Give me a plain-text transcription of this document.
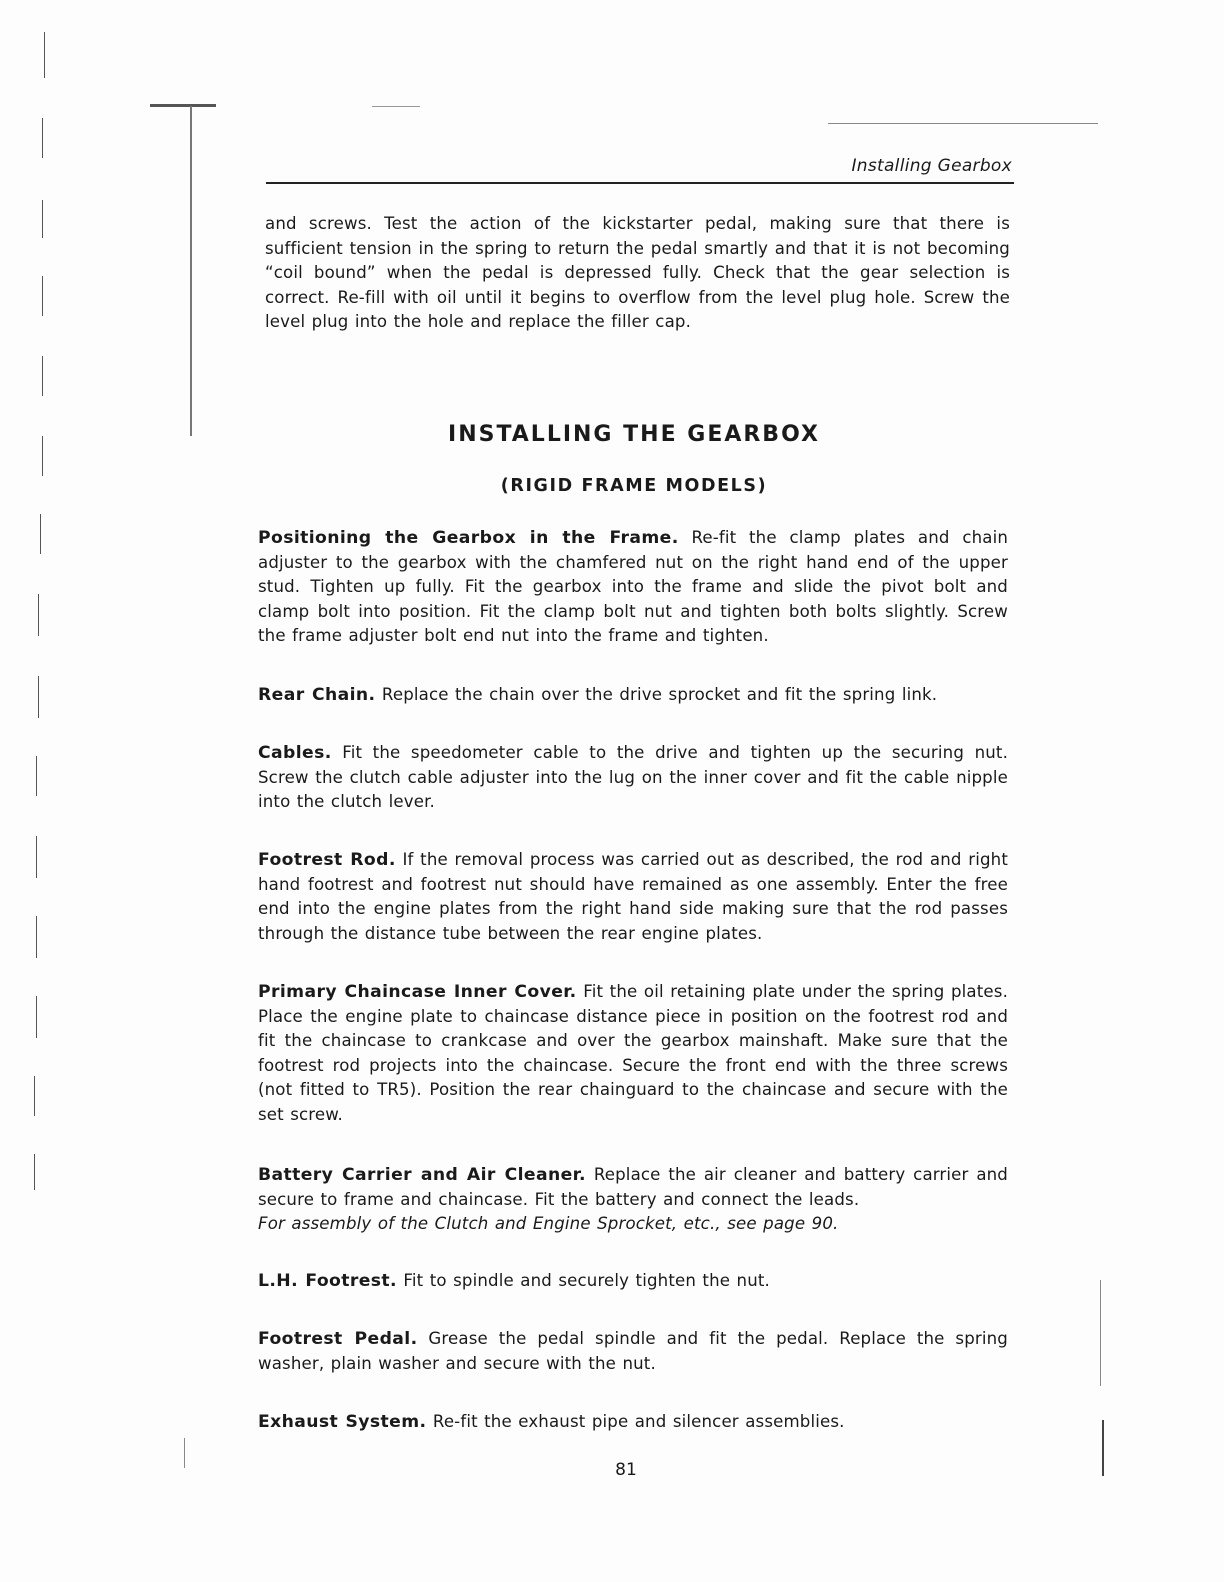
Installing Gearbox

and screws. Test the action of the kickstarter pedal, making sure that there is sufficient tension in the spring to return the pedal smartly and that it is not becoming “coil bound” when the pedal is depressed fully. Check that the gear selection is correct. Re-fill with oil until it begins to overflow from the level plug hole. Screw the level plug into the hole and replace the filler cap.

INSTALLING THE GEARBOX
(RIGID FRAME MODELS)

Positioning the Gearbox in the Frame. Re-fit the clamp plates and chain adjuster to the gearbox with the chamfered nut on the right hand end of the upper stud. Tighten up fully. Fit the gearbox into the frame and slide the pivot bolt and clamp bolt into position. Fit the clamp bolt nut and tighten both bolts slightly. Screw the frame adjuster bolt end nut into the frame and tighten.

Rear Chain. Replace the chain over the drive sprocket and fit the spring link.

Cables. Fit the speedometer cable to the drive and tighten up the securing nut. Screw the clutch cable adjuster into the lug on the inner cover and fit the cable nipple into the clutch lever.

Footrest Rod. If the removal process was carried out as described, the rod and right hand footrest and footrest nut should have remained as one assembly. Enter the free end into the engine plates from the right hand side making sure that the rod passes through the distance tube between the rear engine plates.

Primary Chaincase Inner Cover. Fit the oil retaining plate under the spring plates. Place the engine plate to chaincase distance piece in position on the footrest rod and fit the chaincase to crankcase and over the gearbox mainshaft. Make sure that the footrest rod projects into the chaincase. Secure the front end with the three screws (not fitted to TR5). Position the rear chainguard to the chaincase and secure with the set screw.

Battery Carrier and Air Cleaner. Replace the air cleaner and battery carrier and secure to frame and chaincase. Fit the battery and connect the leads.
For assembly of the Clutch and Engine Sprocket, etc., see page 90.

L.H. Footrest. Fit to spindle and securely tighten the nut.

Footrest Pedal. Grease the pedal spindle and fit the pedal. Replace the spring washer, plain washer and secure with the nut.

Exhaust System. Re-fit the exhaust pipe and silencer assemblies.

81
